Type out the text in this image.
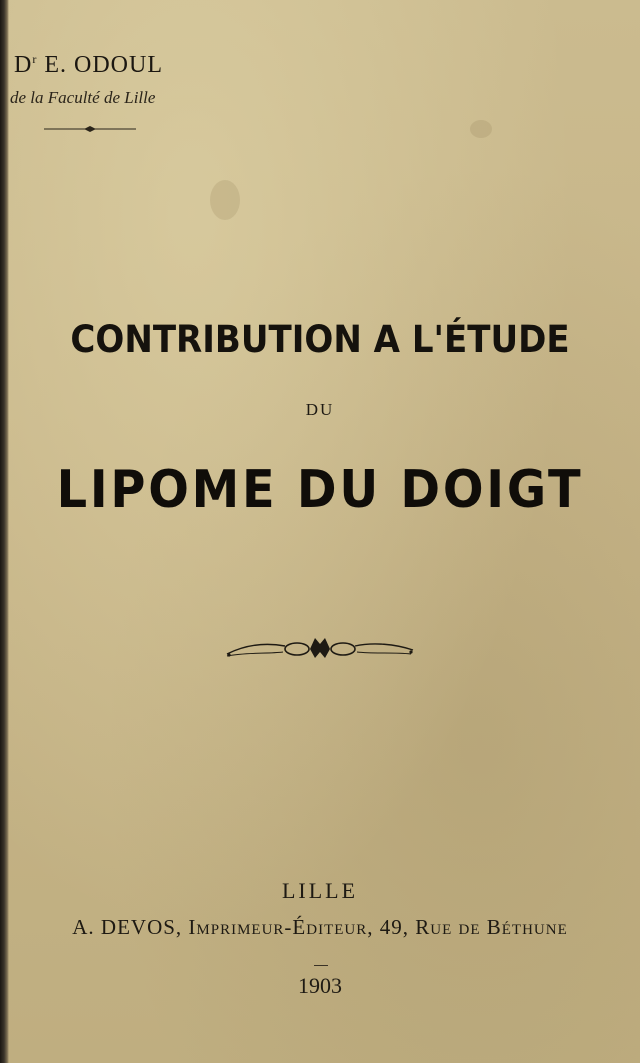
$D^r$ E. ODOUL
de la Faculté de Lille
CONTRIBUTION A L'ÉTUDE
DU
LIPOME DU DOIGT
LILLE
A. DEVOS, Imprimeur-Éditeur, 49, Rue de Béthune
1903
